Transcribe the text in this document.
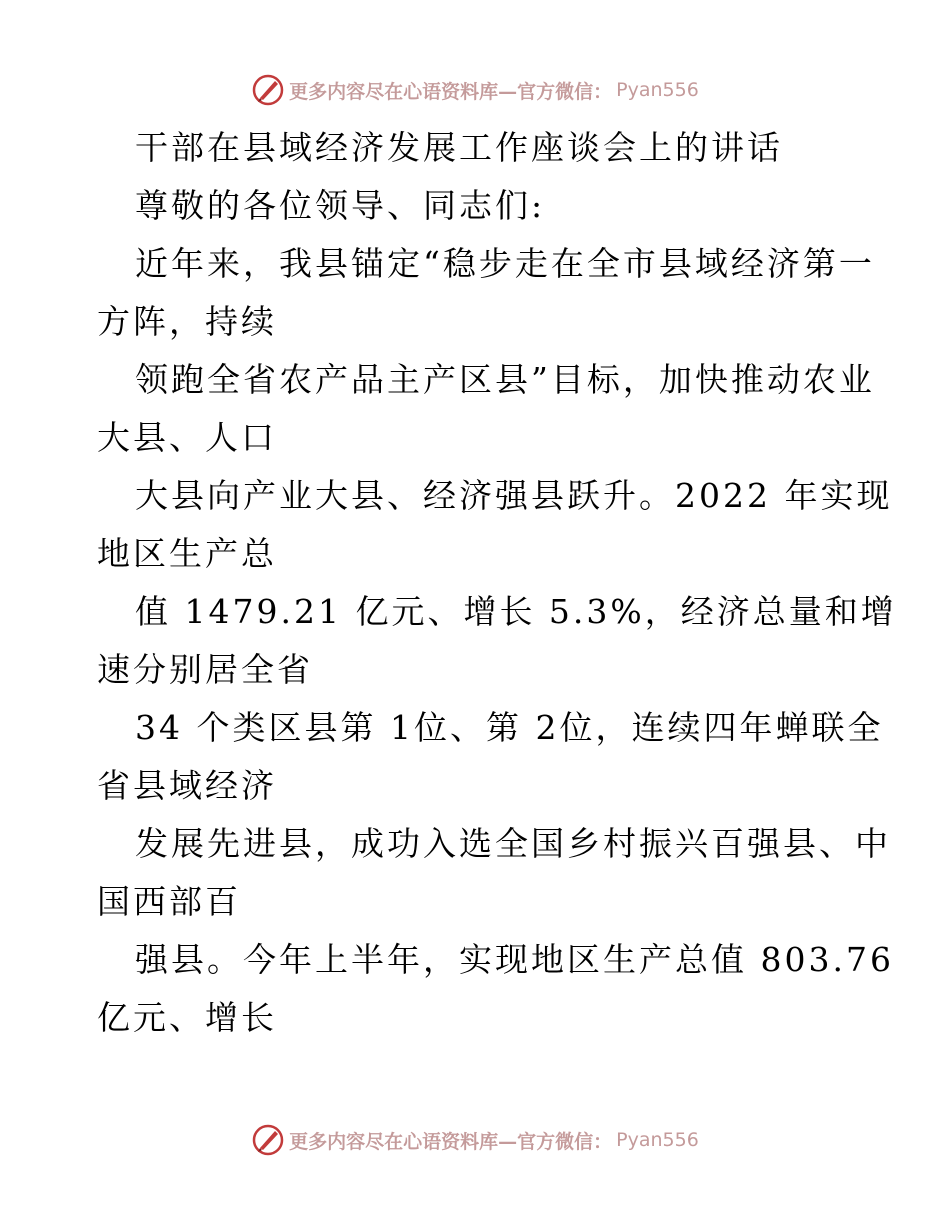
更多内容尽在心语资料库—官方微信： Pyan556
干部在县域经济发展工作座谈会上的讲话
尊敬的各位领导、同志们:
近年来，我县锚定“稳步走在全市县域经济第一
方阵，持续
领跑全省农产品主产区县”目标，加快推动农业
大县、人口
大县向产业大县、经济强县跃升。2022 年实现
地区生产总
值 1479.21 亿元、增长 5.3%，经济总量和增
速分别居全省
34 个类区县第 1位、第 2位，连续四年蝉联全
省县域经济
发展先进县，成功入选全国乡村振兴百强县、中
国西部百
强县。今年上半年，实现地区生产总值 803.76
亿元、增长
更多内容尽在心语资料库—官方微信： Pyan556
